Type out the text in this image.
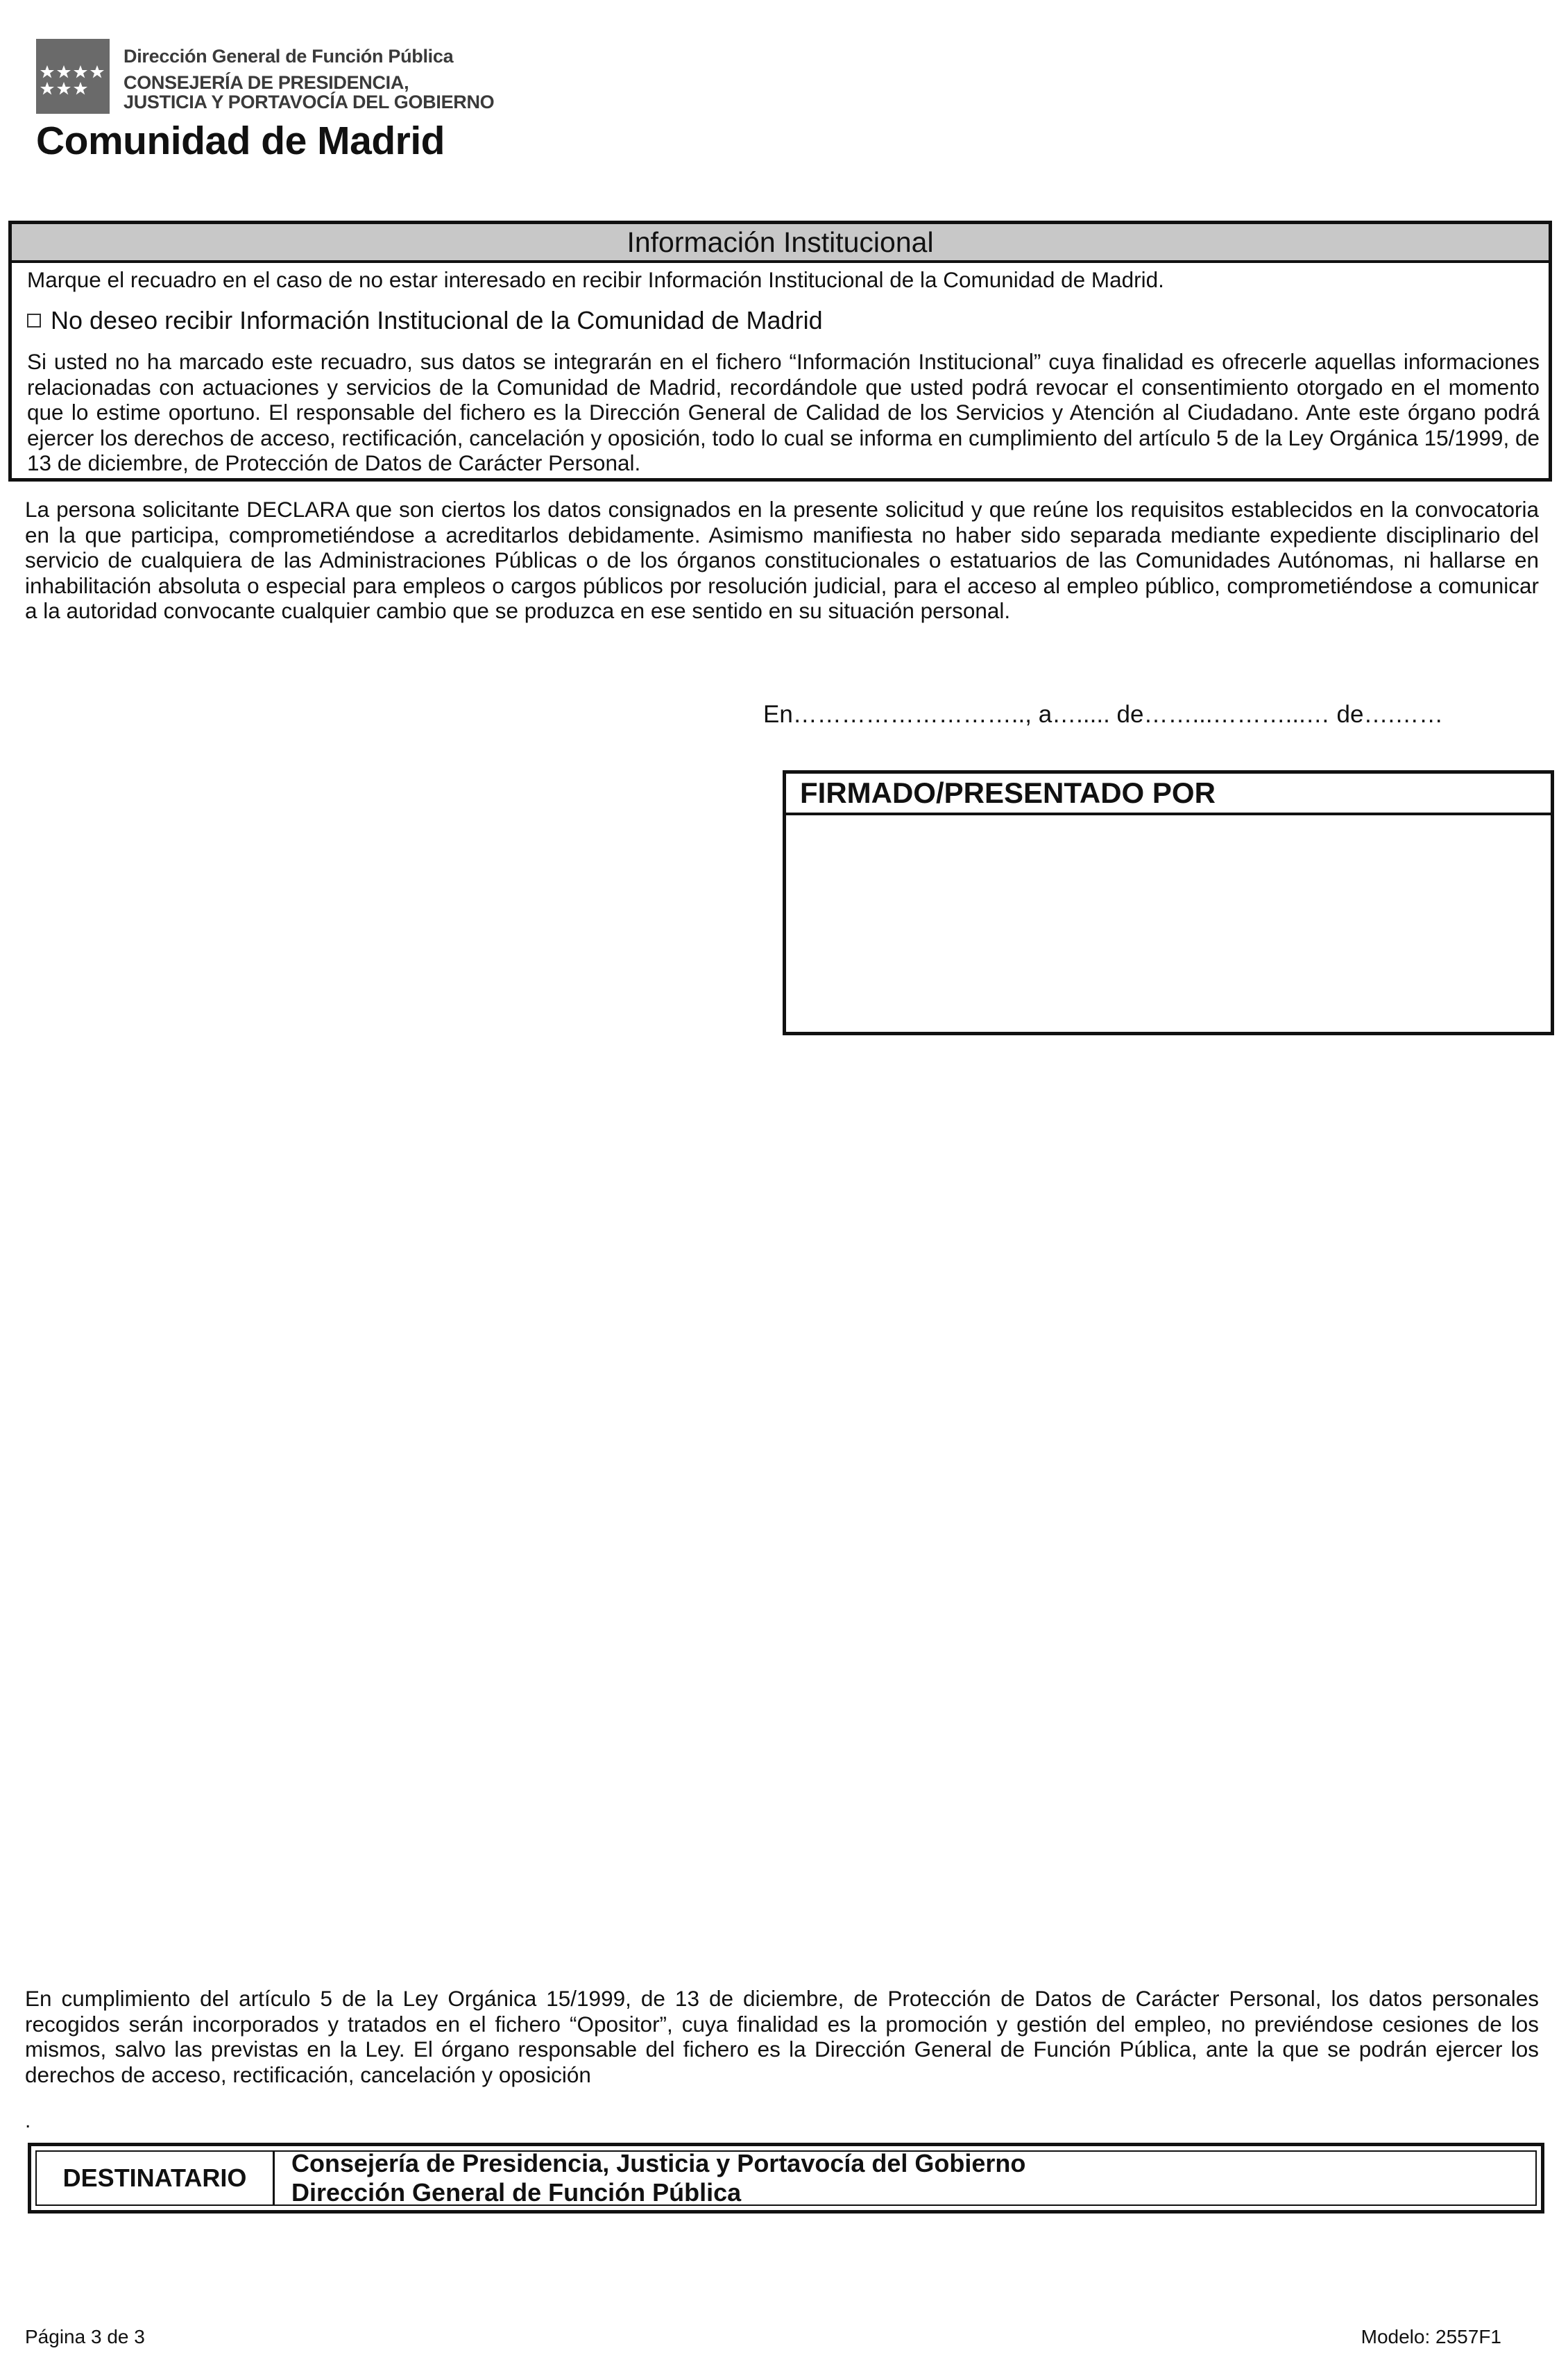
Dirección General de Función Pública
CONSEJERÍA DE PRESIDENCIA,
JUSTICIA Y PORTAVOCÍA DEL GOBIERNO
Comunidad de Madrid
Información Institucional
Marque el recuadro en el caso de no estar interesado en recibir Información Institucional de la Comunidad de Madrid.
No deseo recibir Información Institucional de la Comunidad de Madrid
Si usted no ha marcado este recuadro, sus datos se integrarán en el fichero “Información Institucional” cuya finalidad es ofrecerle aquellas informaciones relacionadas con actuaciones y servicios de la Comunidad de Madrid, recordándole que usted podrá revocar el consentimiento otorgado en el momento que lo estime oportuno. El responsable del fichero es la Dirección General de Calidad de los Servicios y Atención al Ciudadano. Ante este órgano podrá ejercer los derechos de acceso, rectificación, cancelación y oposición, todo lo cual se informa en cumplimiento del artículo 5 de la Ley Orgánica 15/1999, de 13 de diciembre, de Protección de Datos de Carácter Personal.
La persona solicitante DECLARA que son ciertos los datos consignados en la presente solicitud y que reúne los requisitos establecidos en la convocatoria en la que participa, comprometiéndose a acreditarlos debidamente. Asimismo manifiesta no haber sido separada mediante expediente disciplinario del servicio de cualquiera de las Administraciones Públicas o de los órganos constitucionales o estatuarios de las Comunidades Autónomas, ni hallarse en inhabilitación absoluta o especial para empleos o cargos públicos por resolución judicial, para el acceso al empleo público, comprometiéndose a comunicar a la autoridad convocante cualquier cambio que se produzca en ese sentido en su situación personal.
En……………………….., a…..... de……...………...… de….……
FIRMADO/PRESENTADO POR
En cumplimiento del artículo 5 de la Ley Orgánica 15/1999, de 13 de diciembre, de Protección de Datos de Carácter Personal, los datos personales recogidos serán incorporados y tratados en el fichero “Opositor”, cuya finalidad es la promoción y gestión del empleo, no previéndose cesiones de los mismos, salvo las previstas en la Ley. El órgano responsable del fichero es la Dirección General de Función Pública, ante la que se podrán ejercer los derechos de acceso, rectificación, cancelación y oposición
.
DESTINATARIO
Consejería de Presidencia, Justicia y Portavocía del Gobierno
Dirección General de Función Pública
Página 3 de 3	Modelo: 2557F1
